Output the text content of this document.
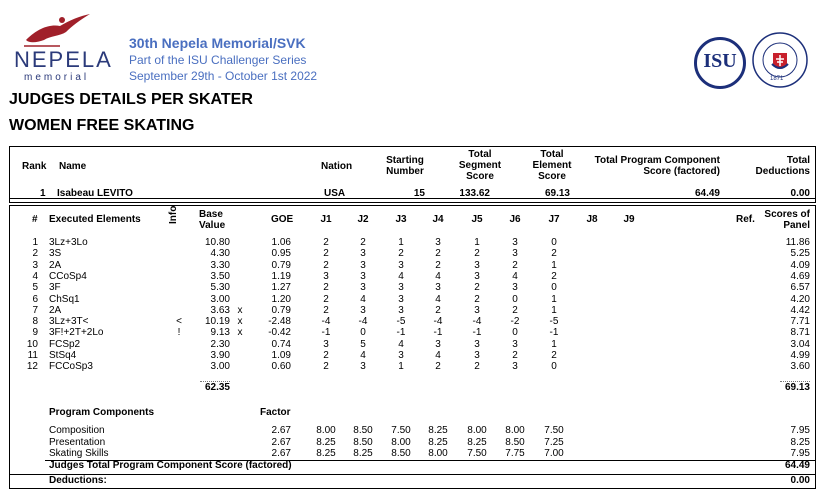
NEPELA
memorial
30th Nepela Memorial/SVK
Part of the ISU Challenger Series
September 29th - October 1st 2022
ISU
1871
JUDGES DETAILS PER SKATER
WOMEN FREE SKATING
Rank Name	Nation
Starting
Number
Total
Segment
Score
Total
Element
Score
Total Program Component
Score (factored)
Total
Deductions
1 Isabeau LEVITO	USA	15	133.62	69.13	64.49	0.00
# Executed Elements	Info Base
Value
GOE	J1	J2	J3	J4	J5	J6	J7	J8	J9	Ref. Scores of
Panel
1 3Lz+3Lo	10.80	1.06	2	2	1	3	1	3	0	11.86
2 3S	4.30	0.95	2	3	2	2	2	3	2	5.25
3 2A	3.30	0.79	2	3	3	2	3	2	1	4.09
4 CCoSp4	3.50	1.19	3	3	4	4	3	4	2	4.69
5 3F	5.30	1.27	2	3	3	3	2	3	0	6.57
6 ChSq1	3.00	1.20	2	4	3	4	2	0	1	4.20
7 2A	3.63 x	0.79	2	3	3	2	3	2	1	4.42
8 3Lz+3T<	<	10.19 x	-2.48	-4	-4	-5	-4	-4	-2	-5	7.71
9 3F!+2T+2Lo	!	9.13 x	-0.42	-1	0	-1	-1	-1	0	-1	8.71
10 FCSp2	2.30	0.74	3	5	4	3	3	3	1	3.04
11 StSq4	3.90	1.09	2	4	3	4	3	2	2	4.99
12 FCCoSp3	3.00	0.60	2	3	1	2	2	3	0	3.60
62.35	69.13
Program Components	Factor
Composition	2.67	8.00	8.50	7.50	8.25	8.00	8.00	7.50	7.95
Presentation	2.67	8.25	8.50	8.00	8.25	8.25	8.50	7.25	8.25
Skating Skills	2.67	8.25	8.25	8.50	8.00	7.50	7.75	7.00	7.95
Judges Total Program Component Score (factored)	64.49
Deductions:	0.00
